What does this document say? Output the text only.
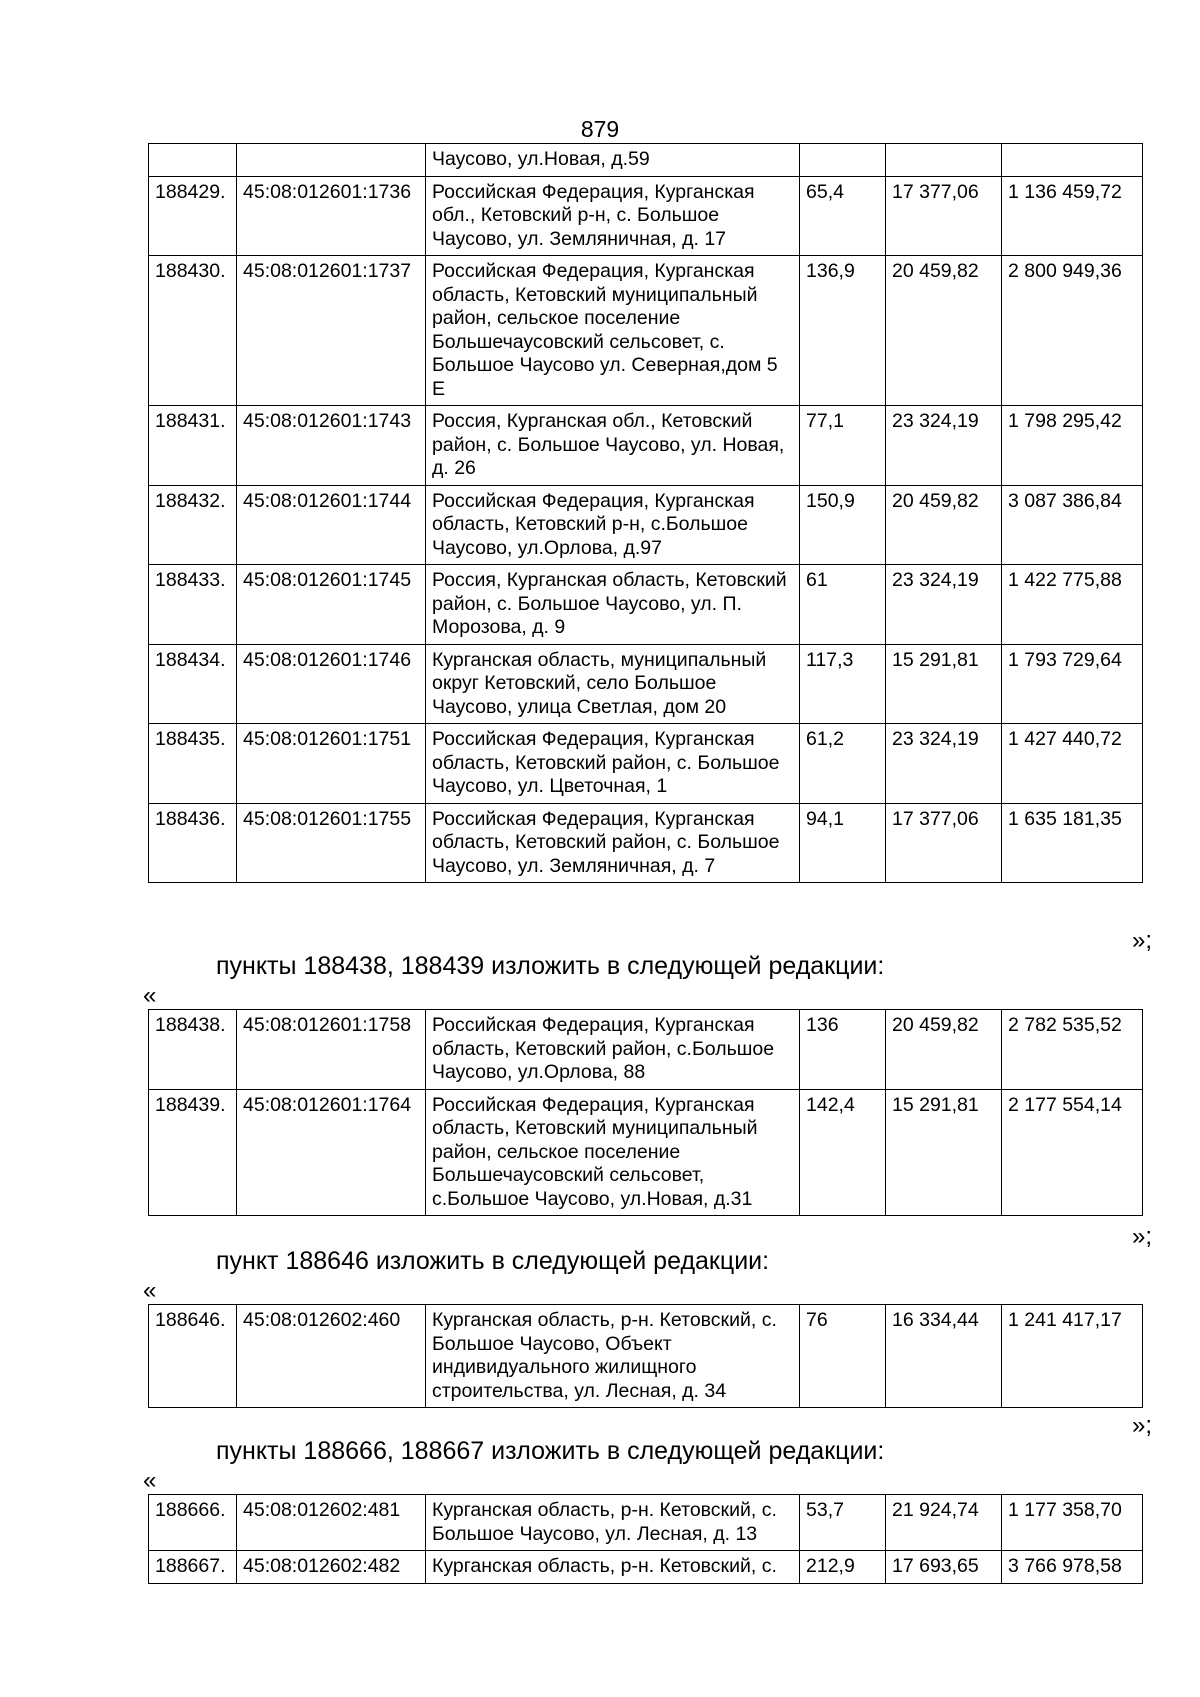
879
		Чаусово, ул.Новая, д.59			
188429.	45:08:012601:1736	Российская Федерация, Курганская обл., Кетовский р-н, с. Большое Чаусово, ул. Земляничная, д. 17	65,4	17 377,06	1 136 459,72
188430.	45:08:012601:1737	Российская Федерация, Курганская область, Кетовский муниципальный район, сельское поселение Большечаусовский сельсовет, с. Большое Чаусово ул. Северная,дом 5 Е	136,9	20 459,82	2 800 949,36
188431.	45:08:012601:1743	Россия, Курганская обл., Кетовский район, с. Большое Чаусово, ул. Новая, д. 26	77,1	23 324,19	1 798 295,42
188432.	45:08:012601:1744	Российская Федерация, Курганская область, Кетовский р-н, с.Большое Чаусово, ул.Орлова, д.97	150,9	20 459,82	3 087 386,84
188433.	45:08:012601:1745	Россия, Курганская область, Кетовский район, с. Большое Чаусово, ул. П. Морозова, д. 9	61	23 324,19	1 422 775,88
188434.	45:08:012601:1746	Курганская область, муниципальный округ Кетовский, село Большое Чаусово, улица Светлая, дом 20	117,3	15 291,81	1 793 729,64
188435.	45:08:012601:1751	Российская Федерация, Курганская область, Кетовский район, с. Большое Чаусово, ул. Цветочная, 1	61,2	23 324,19	1 427 440,72
188436.	45:08:012601:1755	Российская Федерация, Курганская область, Кетовский район, с. Большое Чаусово, ул. Земляничная, д. 7	94,1	17 377,06	1 635 181,35
»;
пункты 188438, 188439 изложить в следующей редакции:
«
188438.	45:08:012601:1758	Российская Федерация, Курганская область, Кетовский район, с.Большое Чаусово, ул.Орлова, 88	136	20 459,82	2 782 535,52
188439.	45:08:012601:1764	Российская Федерация, Курганская область, Кетовский муниципальный район, сельское поселение Большечаусовский сельсовет, с.Большое Чаусово, ул.Новая, д.31	142,4	15 291,81	2 177 554,14
»;
пункт 188646 изложить в следующей редакции:
«
188646.	45:08:012602:460	Курганская область, р-н. Кетовский, с. Большое Чаусово, Объект индивидуального жилищного строительства, ул. Лесная, д. 34	76	16 334,44	1 241 417,17
»;
пункты 188666, 188667 изложить в следующей редакции:
«
188666.	45:08:012602:481	Курганская область, р-н. Кетовский, с. Большое Чаусово, ул. Лесная, д. 13	53,7	21 924,74	1 177 358,70
188667.	45:08:012602:482	Курганская область, р-н. Кетовский, с.	212,9	17 693,65	3 766 978,58
